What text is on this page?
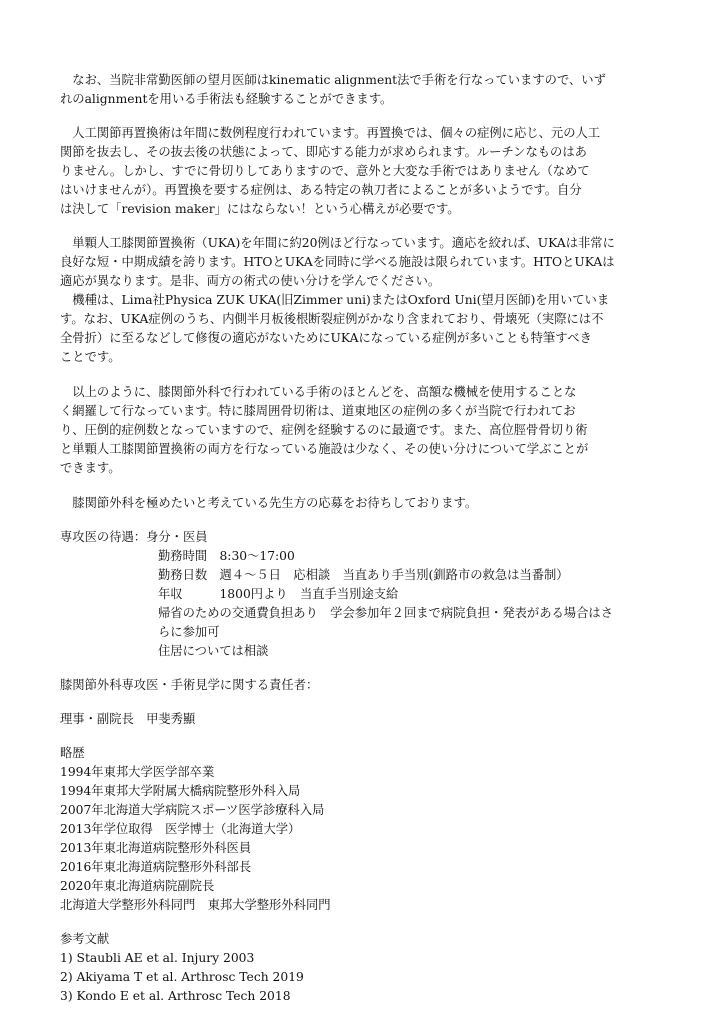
　なお、当院非常勤医師の望月医師はkinematic alignment法で手術を行なっていますので、いず
れのalignmentを用いる手術法も経験することができます。
　人工関節再置換術は年間に数例程度行われています。再置換では、個々の症例に応じ、元の人工
関節を抜去し、その抜去後の状態によって、即応する能力が求められます。ルーチンなものはあ
りません。しかし、すでに骨切りしてありますので、意外と大変な手術ではありません（なめて
はいけませんが）。再置換を要する症例は、ある特定の執刀者によることが多いようです。自分
は決して「revision maker」にはならない！という心構えが必要です。
　単顆人工膝関節置換術（UKA)を年間に約20例ほど行なっています。適応を絞れば、UKAは非常に
良好な短・中期成績を誇ります。HTOとUKAを同時に学べる施設は限られています。HTOとUKAは
適応が異なります。是非、両方の術式の使い分けを学んでください。
　機種は、Lima社Physica ZUK UKA(旧Zimmer uni)またはOxford Uni(望月医師)を用いていま
す。なお、UKA症例のうち、内側半月板後根断裂症例がかなり含まれており、骨壊死（実際には不
全骨折）に至るなどして修復の適応がないためにUKAになっている症例が多いことも特筆すべき
ことです。
　以上のように、膝関節外科で行われている手術のほとんどを、高額な機械を使用することな
く網羅して行なっています。特に膝周囲骨切術は、道東地区の症例の多くが当院で行われてお
り、圧倒的症例数となっていますので、症例を経験するのに最適です。また、高位脛骨骨切り術
と単顆人工膝関節置換術の両方を行なっている施設は少なく、その使い分けについて学ぶことが
できます。
　膝関節外科を極めたいと考えている先生方の応募をお待ちしております。
専攻医の待遇：身分・医員
勤務時間　8:30〜17:00
勤務日数　週４〜５日　応相談　当直あり手当別(釧路市の救急は当番制）
年収　　　1800円より　当直手当別途支給
帰省のための交通費負担あり　学会参加年２回まで病院負担・発表がある場合はさ
らに参加可
住居については相談
膝関節外科専攻医・手術見学に関する責任者：
理事・副院長　甲斐秀顯
略歴
1994年東邦大学医学部卒業
1994年東邦大学附属大橋病院整形外科入局
2007年北海道大学病院スポーツ医学診療科入局
2013年学位取得　医学博士（北海道大学）
2013年東北海道病院整形外科医員
2016年東北海道病院整形外科部長
2020年東北海道病院副院長
北海道大学整形外科同門　東邦大学整形外科同門
参考文献
1) Staubli AE et al. Injury 2003
2) Akiyama T et al. Arthrosc Tech 2019
3) Kondo E et al. Arthrosc Tech 2018
